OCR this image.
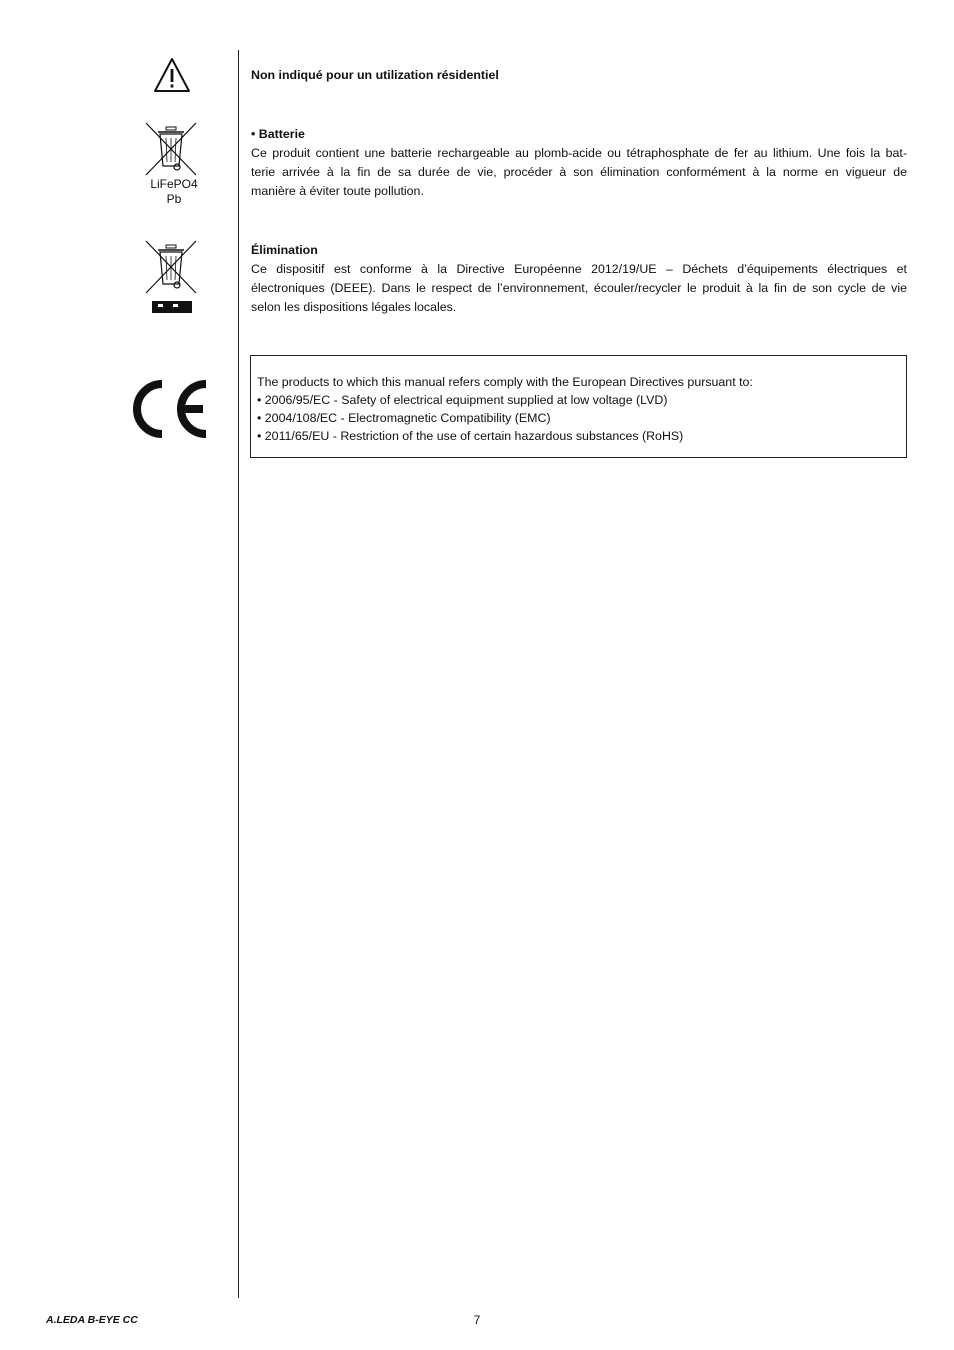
Non indiqué pour un utilization résidentiel
LiFePO4
Pb
• Batterie
Ce produit contient une batterie rechargeable au plomb-acide ou tétraphosphate de fer au lithium. Une fois la bat-
terie arrivée à la fin de sa durée de vie, procéder à son élimination conformément à la norme en vigueur de
manière à éviter toute pollution.
Élimination
Ce dispositif est conforme à la Directive Européenne 2012/19/UE – Déchets d’équipements électriques et
électroniques (DEEE). Dans le respect de l’environnement, écouler/recycler le produit à la fin de son cycle de vie
selon les dispositions légales locales.
The products to which this manual refers comply with the European Directives pursuant to:
• 2006/95/EC - Safety of electrical equipment supplied at low voltage (LVD)
• 2004/108/EC - Electromagnetic Compatibility (EMC)
• 2011/65/EU - Restriction of the use of certain hazardous substances (RoHS)
A.LEDA B-EYE CC	7
